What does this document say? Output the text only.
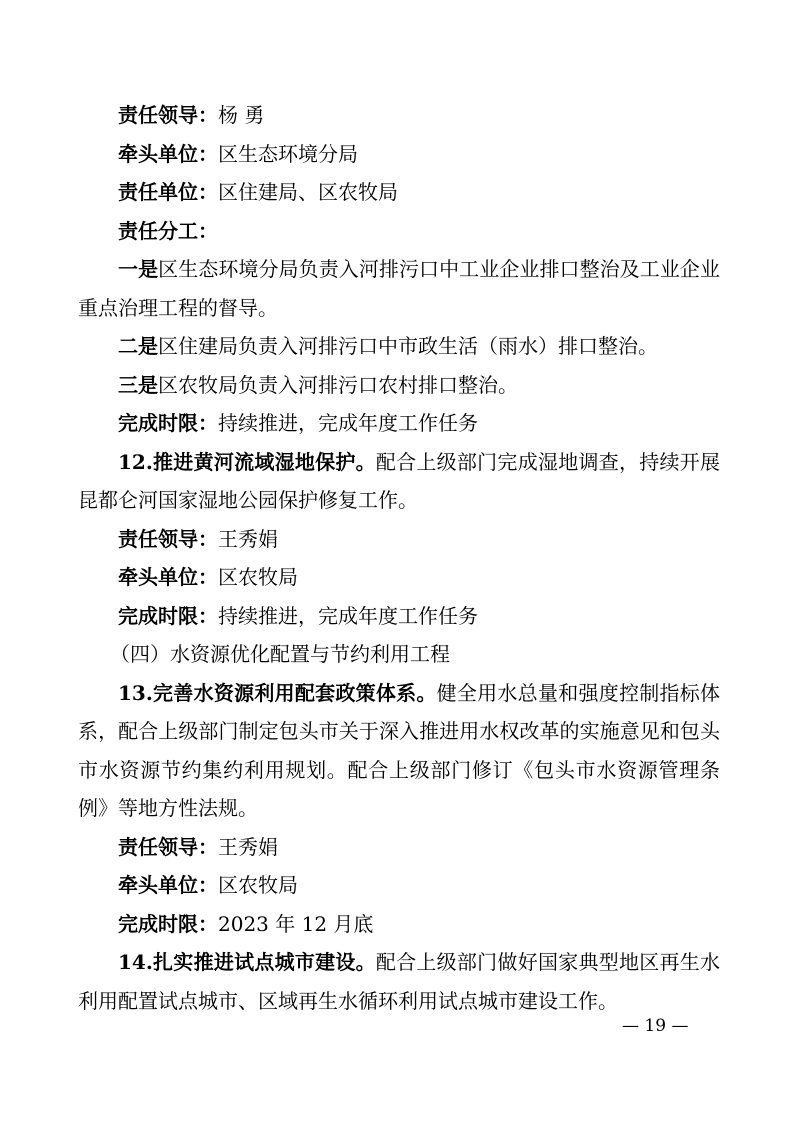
责任领导：杨 勇

牵头单位：区生态环境分局

责任单位：区住建局、区农牧局

责任分工：

一是区生态环境分局负责入河排污口中工业企业排口整治及工业企业重点治理工程的督导。

二是区住建局负责入河排污口中市政生活（雨水）排口整治。

三是区农牧局负责入河排污口农村排口整治。

完成时限：持续推进，完成年度工作任务

12.推进黄河流域湿地保护。配合上级部门完成湿地调查，持续开展昆都仑河国家湿地公园保护修复工作。

责任领导：王秀娟

牵头单位：区农牧局

完成时限：持续推进，完成年度工作任务

（四）水资源优化配置与节约利用工程

13.完善水资源利用配套政策体系。健全用水总量和强度控制指标体系，配合上级部门制定包头市关于深入推进用水权改革的实施意见和包头市水资源节约集约利用规划。配合上级部门修订《包头市水资源管理条例》等地方性法规。

责任领导：王秀娟

牵头单位：区农牧局

完成时限：2023 年 12 月底

14.扎实推进试点城市建设。配合上级部门做好国家典型地区再生水利用配置试点城市、区域再生水循环利用试点城市建设工作。

— 19 —
